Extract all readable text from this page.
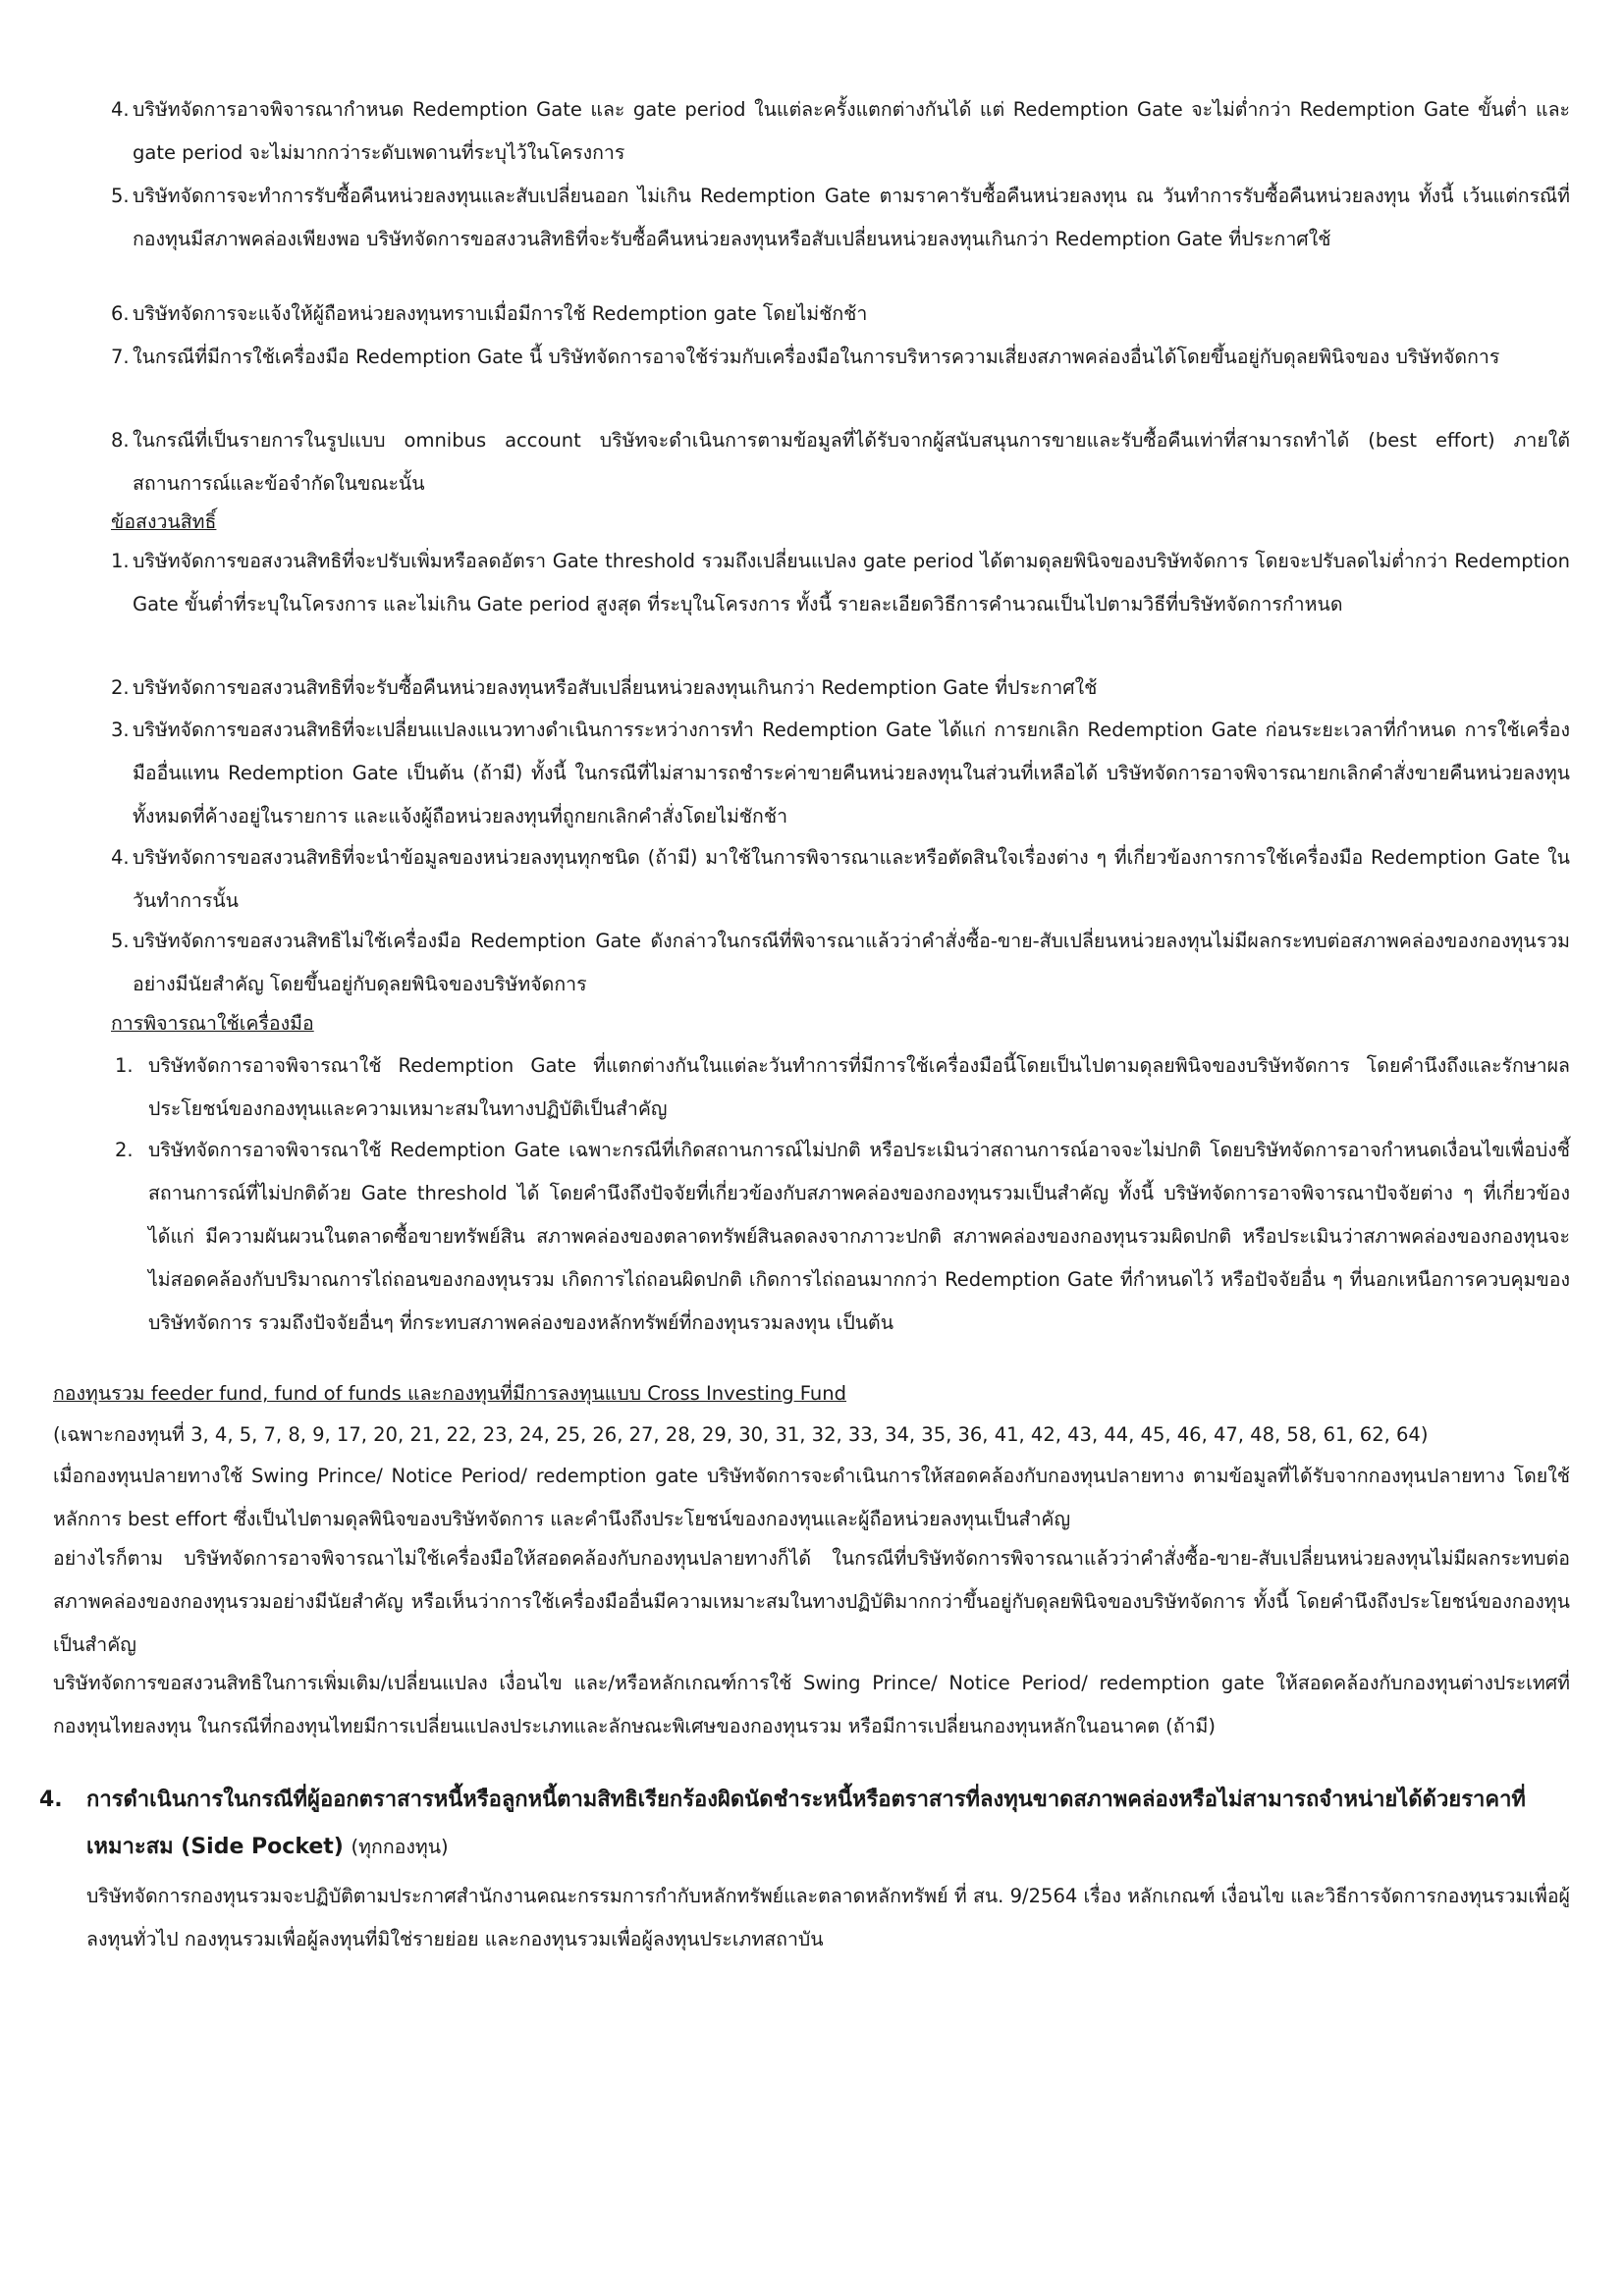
4. บริษัทจัดการอาจพิจารณากำหนด Redemption Gate และ gate period ในแต่ละครั้งแตกต่างกันได้ แต่ Redemption Gate จะไม่ต่ำกว่า Redemption Gate ขั้นต่ำ และ gate period จะไม่มากกว่าระดับเพดานที่ระบุไว้ในโครงการ
5. บริษัทจัดการจะทำการรับซื้อคืนหน่วยลงทุนและสับเปลี่ยนออก ไม่เกิน Redemption Gate ตามราคารับซื้อคืนหน่วยลงทุน ณ วันทำการรับซื้อคืนหน่วยลงทุน ทั้งนี้ เว้นแต่กรณีที่กองทุนมีสภาพคล่องเพียงพอ บริษัทจัดการขอสงวนสิทธิที่จะรับซื้อคืนหน่วยลงทุนหรือสับเปลี่ยนหน่วยลงทุนเกินกว่า Redemption Gate ที่ประกาศใช้
6. บริษัทจัดการจะแจ้งให้ผู้ถือหน่วยลงทุนทราบเมื่อมีการใช้ Redemption gate โดยไม่ชักช้า
7. ในกรณีที่มีการใช้เครื่องมือ Redemption Gate นี้ บริษัทจัดการอาจใช้ร่วมกับเครื่องมือในการบริหารความเสี่ยงสภาพคล่องอื่นได้โดยขึ้นอยู่กับดุลยพินิจของ บริษัทจัดการ
8. ในกรณีที่เป็นรายการในรูปแบบ omnibus account บริษัทจะดำเนินการตามข้อมูลที่ได้รับจากผู้สนับสนุนการขายและรับซื้อคืนเท่าที่สามารถทำได้ (best effort) ภายใต้สถานการณ์และข้อจำกัดในขณะนั้น
ข้อสงวนสิทธิ์
1. บริษัทจัดการขอสงวนสิทธิที่จะปรับเพิ่มหรือลดอัตรา Gate threshold รวมถึงเปลี่ยนแปลง gate period ได้ตามดุลยพินิจของบริษัทจัดการ โดยจะปรับลดไม่ต่ำกว่า Redemption Gate ขั้นต่ำที่ระบุในโครงการ และไม่เกิน Gate period สูงสุด ที่ระบุในโครงการ ทั้งนี้ รายละเอียดวิธีการคำนวณเป็นไปตามวิธีที่บริษัทจัดการกำหนด
2. บริษัทจัดการขอสงวนสิทธิที่จะรับซื้อคืนหน่วยลงทุนหรือสับเปลี่ยนหน่วยลงทุนเกินกว่า Redemption Gate ที่ประกาศใช้
3. บริษัทจัดการขอสงวนสิทธิที่จะเปลี่ยนแปลงแนวทางดำเนินการระหว่างการทำ Redemption Gate ได้แก่ การยกเลิก Redemption Gate ก่อนระยะเวลาที่กำหนด การใช้เครื่องมืออื่นแทน Redemption Gate เป็นต้น (ถ้ามี) ทั้งนี้ ในกรณีที่ไม่สามารถชำระค่าขายคืนหน่วยลงทุนในส่วนที่เหลือได้ บริษัทจัดการอาจพิจารณายกเลิกคำสั่งขายคืนหน่วยลงทุนทั้งหมดที่ค้างอยู่ในรายการ และแจ้งผู้ถือหน่วยลงทุนที่ถูกยกเลิกคำสั่งโดยไม่ชักช้า
4. บริษัทจัดการขอสงวนสิทธิที่จะนำข้อมูลของหน่วยลงทุนทุกชนิด (ถ้ามี) มาใช้ในการพิจารณาและหรือตัดสินใจเรื่องต่าง ๆ ที่เกี่ยวข้องการการใช้เครื่องมือ Redemption Gate ในวันทำการนั้น
5. บริษัทจัดการขอสงวนสิทธิไม่ใช้เครื่องมือ Redemption Gate ดังกล่าวในกรณีที่พิจารณาแล้วว่าคำสั่งซื้อ-ขาย-สับเปลี่ยนหน่วยลงทุนไม่มีผลกระทบต่อสภาพคล่องของกองทุนรวมอย่างมีนัยสำคัญ โดยขึ้นอยู่กับดุลยพินิจของบริษัทจัดการ
การพิจารณาใช้เครื่องมือ
1. บริษัทจัดการอาจพิจารณาใช้ Redemption Gate ที่แตกต่างกันในแต่ละวันทำการที่มีการใช้เครื่องมือนี้โดยเป็นไปตามดุลยพินิจของบริษัทจัดการ โดยคำนึงถึงและรักษาผลประโยชน์ของกองทุนและความเหมาะสมในทางปฏิบัติเป็นสำคัญ
2. บริษัทจัดการอาจพิจารณาใช้ Redemption Gate เฉพาะกรณีที่เกิดสถานการณ์ไม่ปกติ หรือประเมินว่าสถานการณ์อาจจะไม่ปกติ โดยบริษัทจัดการอาจกำหนดเงื่อนไขเพื่อบ่งชี้สถานการณ์ที่ไม่ปกติด้วย Gate threshold ได้ โดยคำนึงถึงปัจจัยที่เกี่ยวข้องกับสภาพคล่องของกองทุนรวมเป็นสำคัญ ทั้งนี้ บริษัทจัดการอาจพิจารณาปัจจัยต่าง ๆ ที่เกี่ยวข้อง ได้แก่ มีความผันผวนในตลาดซื้อขายทรัพย์สิน สภาพคล่องของตลาดทรัพย์สินลดลงจากภาวะปกติ สภาพคล่องของกองทุนรวมผิดปกติ หรือประเมินว่าสภาพคล่องของกองทุนจะไม่สอดคล้องกับปริมาณการไถ่ถอนของกองทุนรวม เกิดการไถ่ถอนผิดปกติ เกิดการไถ่ถอนมากกว่า Redemption Gate ที่กำหนดไว้ หรือปัจจัยอื่น ๆ ที่นอกเหนือการควบคุมของบริษัทจัดการ รวมถึงปัจจัยอื่นๆ ที่กระทบสภาพคล่องของหลักทรัพย์ที่กองทุนรวมลงทุน เป็นต้น
กองทุนรวม feeder fund, fund of funds และกองทุนที่มีการลงทุนแบบ Cross Investing Fund
(เฉพาะกองทุนที่ 3, 4, 5, 7, 8, 9, 17, 20, 21, 22, 23, 24, 25, 26, 27, 28, 29, 30, 31, 32, 33, 34, 35, 36, 41, 42, 43, 44, 45, 46, 47, 48, 58, 61, 62, 64)
เมื่อกองทุนปลายทางใช้ Swing Prince/ Notice Period/ redemption gate บริษัทจัดการจะดำเนินการให้สอดคล้องกับกองทุนปลายทาง ตามข้อมูลที่ได้รับจากกองทุนปลายทาง โดยใช้หลักการ best effort ซึ่งเป็นไปตามดุลพินิจของบริษัทจัดการ และคำนึงถึงประโยชน์ของกองทุนและผู้ถือหน่วยลงทุนเป็นสำคัญ
อย่างไรก็ตาม บริษัทจัดการอาจพิจารณาไม่ใช้เครื่องมือให้สอดคล้องกับกองทุนปลายทางก็ได้ ในกรณีที่บริษัทจัดการพิจารณาแล้วว่าคำสั่งซื้อ-ขาย-สับเปลี่ยนหน่วยลงทุนไม่มีผลกระทบต่อสภาพคล่องของกองทุนรวมอย่างมีนัยสำคัญ หรือเห็นว่าการใช้เครื่องมืออื่นมีความเหมาะสมในทางปฏิบัติมากกว่าขึ้นอยู่กับดุลยพินิจของบริษัทจัดการ ทั้งนี้ โดยคำนึงถึงประโยชน์ของกองทุนเป็นสำคัญ
บริษัทจัดการขอสงวนสิทธิในการเพิ่มเติม/เปลี่ยนแปลง เงื่อนไข และ/หรือหลักเกณฑ์การใช้ Swing Prince/ Notice Period/ redemption gate ให้สอดคล้องกับกองทุนต่างประเทศที่กองทุนไทยลงทุน ในกรณีที่กองทุนไทยมีการเปลี่ยนแปลงประเภทและลักษณะพิเศษของกองทุนรวม หรือมีการเปลี่ยนกองทุนหลักในอนาคต (ถ้ามี)
4.	การดำเนินการในกรณีที่ผู้ออกตราสารหนี้หรือลูกหนี้ตามสิทธิเรียกร้องผิดนัดชำระหนี้หรือตราสารที่ลงทุนขาดสภาพคล่องหรือไม่สามารถจำหน่ายได้ด้วยราคาที่เหมาะสม (Side Pocket) (ทุกกองทุน)
บริษัทจัดการกองทุนรวมจะปฏิบัติตามประกาศสำนักงานคณะกรรมการกำกับหลักทรัพย์และตลาดหลักทรัพย์ ที่ สน. 9/2564 เรื่อง หลักเกณฑ์ เงื่อนไข และวิธีการจัดการกองทุนรวมเพื่อผู้ลงทุนทั่วไป กองทุนรวมเพื่อผู้ลงทุนที่มิใช่รายย่อย และกองทุนรวมเพื่อผู้ลงทุนประเภทสถาบัน
